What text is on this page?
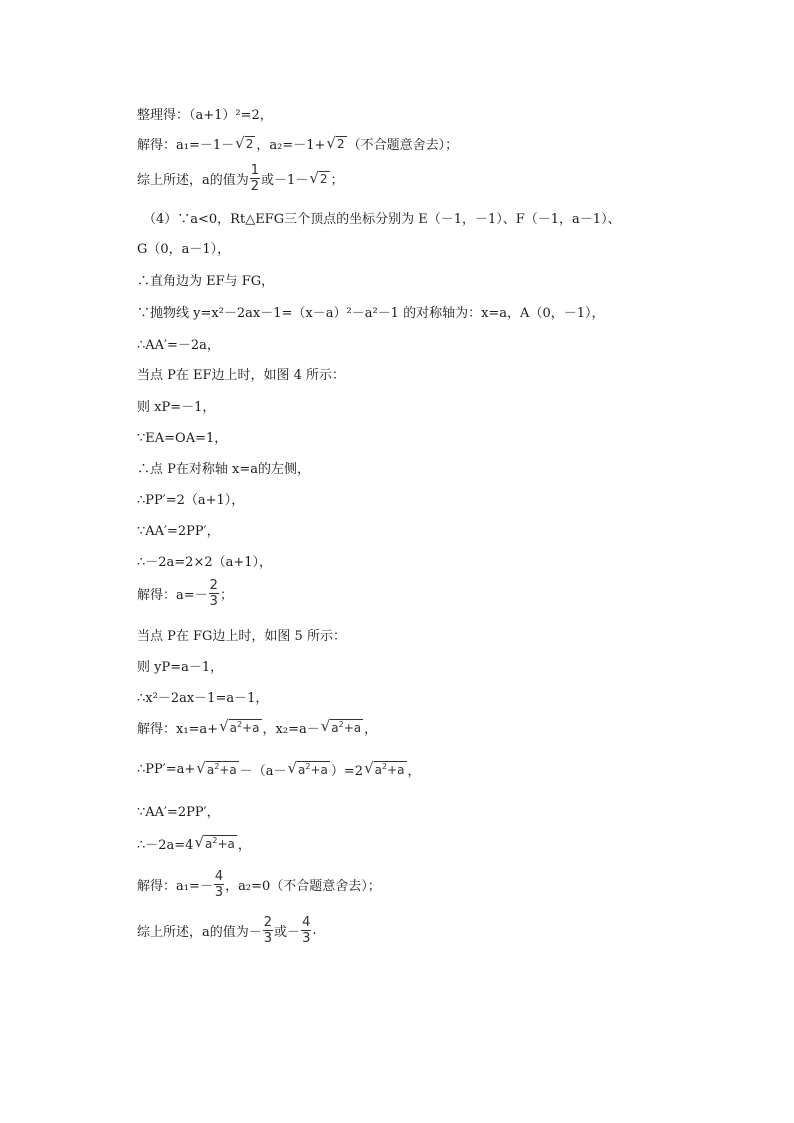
整理得：（a+1）²=2，
解得：a₁=－1－ √ 2 ，a₂=－1+ √ 2 （不合题意舍去）；
综上所述，a的值为 $\frac{1}{2}$ 或－1－ √ 2 ；
（4）∵a<0，Rt△EFG三个顶点的坐标分别为 E（－1，－1）、F（－1，a－1）、
G（0，a－1），
∴直角边为 EF与 FG，
∵抛物线 y=x²－2ax－1=（x－a）²－a²－1 的对称轴为：x=a，A（0，－1），
∴AA′=－2a，
当点 P在 EF边上时，如图 4 所示：
则 xP=－1，
∵EA=OA=1，
∴点 P在对称轴 x=a的左侧，
∴PP′=2（a+1），
∵AA′=2PP′，
∴－2a=2×2（a+1），
解得：$a=- \frac{2}{3}$ ；
当点 P在 FG边上时，如图 5 所示：
则 yP=a－1，
∴x²－2ax－1=a－1，
解得：x₁=a+ √ $a^2+a$ ，x₂=a－ √ $a^2+a$ ，
∴PP′=a+ √ $a^2+a -(a-$ √ $a^2+a$ ）=2 √ $a^2+a$ ，
∵AA′=2PP′，
∴－2a=4 √ $a^2+a$ ，
解得：$a_1=- \frac{4}{3}$ ，a₂=0（不合题意舍去）；
综上所述，a的值为－ $\frac{2}{3}$ 或－ $\frac{4}{3}$ .
